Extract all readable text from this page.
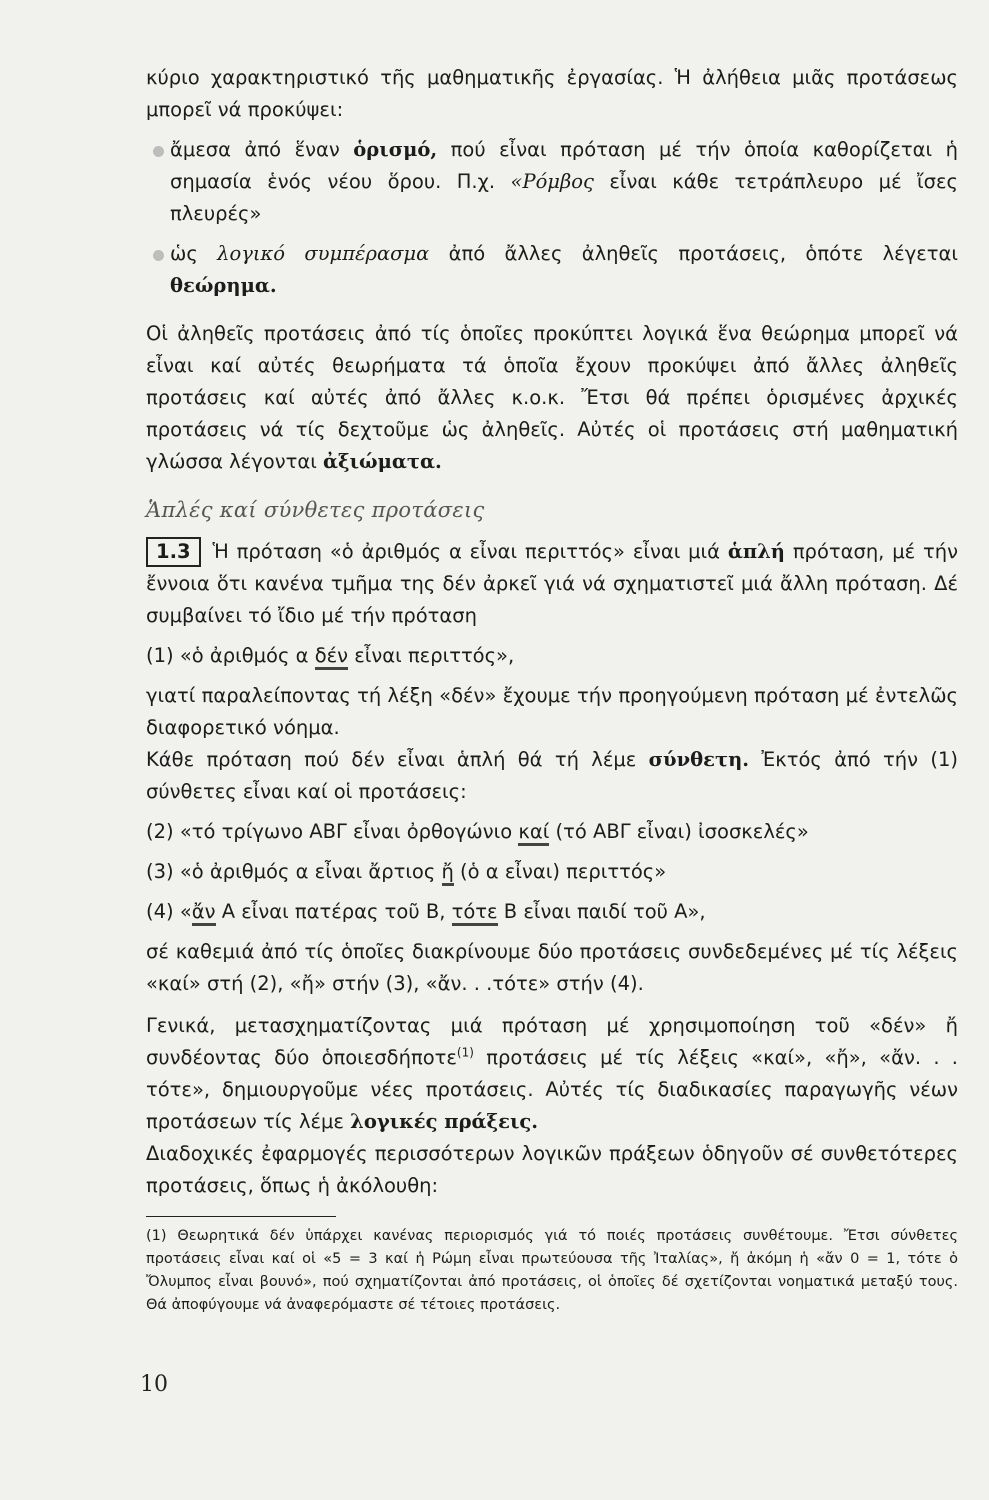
κύριο χαρακτηριστικό τῆς μαθηματικῆς ἐργασίας. Ἡ ἀλήθεια μιᾶς προτάσεως μπορεῖ νά προκύψει:

ἄμεσα ἀπό ἕναν ὁρισμό, πού εἶναι πρόταση μέ τήν ὁποία καθορίζεται ἡ σημασία ἑνός νέου ὅρου. Π.χ. «Ρόμβος εἶναι κάθε τετράπλευρο μέ ἴσες πλευρές»
ὡς λογικό συμπέρασμα ἀπό ἄλλες ἀληθεῖς προτάσεις, ὁπότε λέγεται θεώρημα.

Οἱ ἀληθεῖς προτάσεις ἀπό τίς ὁποῖες προκύπτει λογικά ἕνα θεώρημα μπορεῖ νά εἶναι καί αὐτές θεωρήματα τά ὁποῖα ἔχουν προκύψει ἀπό ἄλλες ἀληθεῖς προτάσεις καί αὐτές ἀπό ἄλλες κ.ο.κ. Ἔτσι θά πρέπει ὁρισμένες ἀρχικές προτάσεις νά τίς δεχτοῦμε ὡς ἀληθεῖς. Αὐτές οἱ προτάσεις στή μαθηματική γλώσσα λέγονται ἀξιώματα.

Ἁπλές καί σύνθετες προτάσεις

1.3 Ἡ πρόταση «ὁ ἀριθμός α εἶναι περιττός» εἶναι μιά ἁπλή πρόταση, μέ τήν ἔννοια ὅτι κανένα τμῆμα της δέν ἀρκεῖ γιά νά σχηματιστεῖ μιά ἄλλη πρόταση. Δέ συμβαίνει τό ἴδιο μέ τήν πρόταση

(1) «ὁ ἀριθμός α δέν εἶναι περιττός»,

γιατί παραλείποντας τή λέξη «δέν» ἔχουμε τήν προηγούμενη πρόταση μέ ἐντελῶς διαφορετικό νόημα.

Κάθε πρόταση πού δέν εἶναι ἁπλή θά τή λέμε σύνθετη. Ἐκτός ἀπό τήν (1) σύνθετες εἶναι καί οἱ προτάσεις:

(2) «τό τρίγωνο ΑΒΓ εἶναι ὀρθογώνιο καί (τό ΑΒΓ εἶναι) ἰσοσκελές»

(3) «ὁ ἀριθμός α εἶναι ἄρτιος ἤ (ὁ α εἶναι) περιττός»

(4) «ἄν Α εἶναι πατέρας τοῦ Β, τότε Β εἶναι παιδί τοῦ Α»,

σέ καθεμιά ἀπό τίς ὁποῖες διακρίνουμε δύο προτάσεις συνδεδεμένες μέ τίς λέξεις «καί» στή (2), «ἤ» στήν (3), «ἄν. . .τότε» στήν (4).

Γενικά, μετασχηματίζοντας μιά πρόταση μέ χρησιμοποίηση τοῦ «δέν» ἤ συνδέοντας δύο ὁποιεσδήποτε$^{(1)}$ προτάσεις μέ τίς λέξεις «καί», «ἤ», «ἄν. . . τότε», δημιουργοῦμε νέες προτάσεις. Αὐτές τίς διαδικασίες παραγωγῆς νέων προτάσεων τίς λέμε λογικές πράξεις.

Διαδοχικές ἐφαρμογές περισσότερων λογικῶν πράξεων ὁδηγοῦν σέ συνθετότερες προτάσεις, ὅπως ἡ ἀκόλουθη:

(1) Θεωρητικά δέν ὑπάρχει κανένας περιορισμός γιά τό ποιές προτάσεις συνθέτουμε. Ἔτσι σύνθετες προτάσεις εἶναι καί οἱ «5 = 3 καί ἡ Ρώμη εἶναι πρωτεύουσα τῆς Ἰταλίας», ἤ ἀκόμη ἡ «ἄν 0 = 1, τότε ὁ Ὄλυμπος εἶναι βουνό», πού σχηματίζονται ἀπό προτάσεις, οἱ ὁποῖες δέ σχετίζονται νοηματικά μεταξύ τους. Θά ἀποφύγουμε νά ἀναφερόμαστε σέ τέτοιες προτάσεις.

10
